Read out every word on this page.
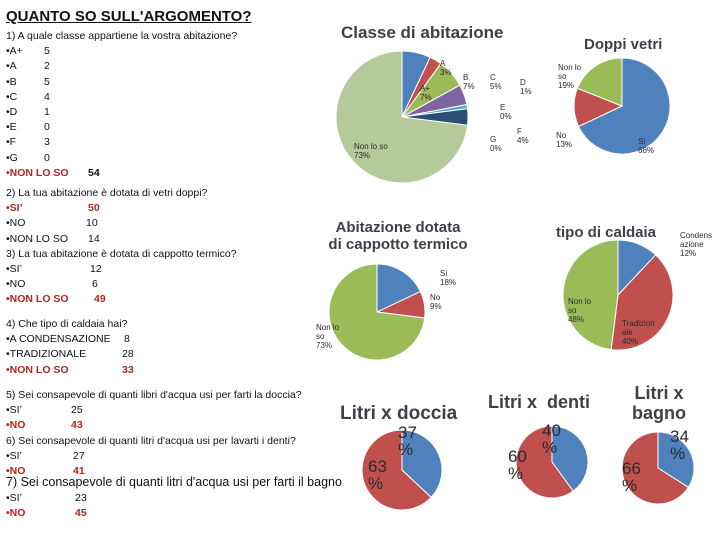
QUANTO SO SULL'ARGOMENTO?
1) A quale classe appartiene la vostra abitazione?
•A+ 5
•A	2
•B	5
•C	4
•D	1
•E	0
•F	3
•G 0
•NON LO SO 54
2) La tua abitazione è dotata di vetri doppi?
•SI’	50
•NO	10
•NON LO SO 14
3) La tua abitazione è dotata di cappotto termico?
•SI’	12
•NO	6
•NON LO SO 49
4) Che tipo di caldaia hai?
•A CONDENSAZIONE 8
•TRADIZIONALE	28
•NON LO SO	33
5) Sei consapevole di quanti libri d'acqua usi per farti la doccia?
•SI’	25
•NO	43
6) Sei consapevole di quanti litri d'acqua usi per lavarti i denti?
•SI’	27
•NO	41
7) Sei consapevole di quanti litri d'acqua usi per farti il bagno
•SI’	23
•NO	45
Classe di abitazione
Doppi vetri
Abitazione dotata
di cappotto termico
tipo di caldaia
Litri x doccia
Litri x  denti	Litri x
bagno
A+ 7%
A 3%
B 7%
C 5% D 1%
E 0%
F 4%
G 0%
Non lo so 73%
Si 68%
No 13%
Non lo so 19%
Si 18%
No 9%
Non lo so 73%
Condens azione 12%
Tradizion ale 40%
Non lo so 48%
37 %
63 %
40 %
60 %
34 %
66 %
